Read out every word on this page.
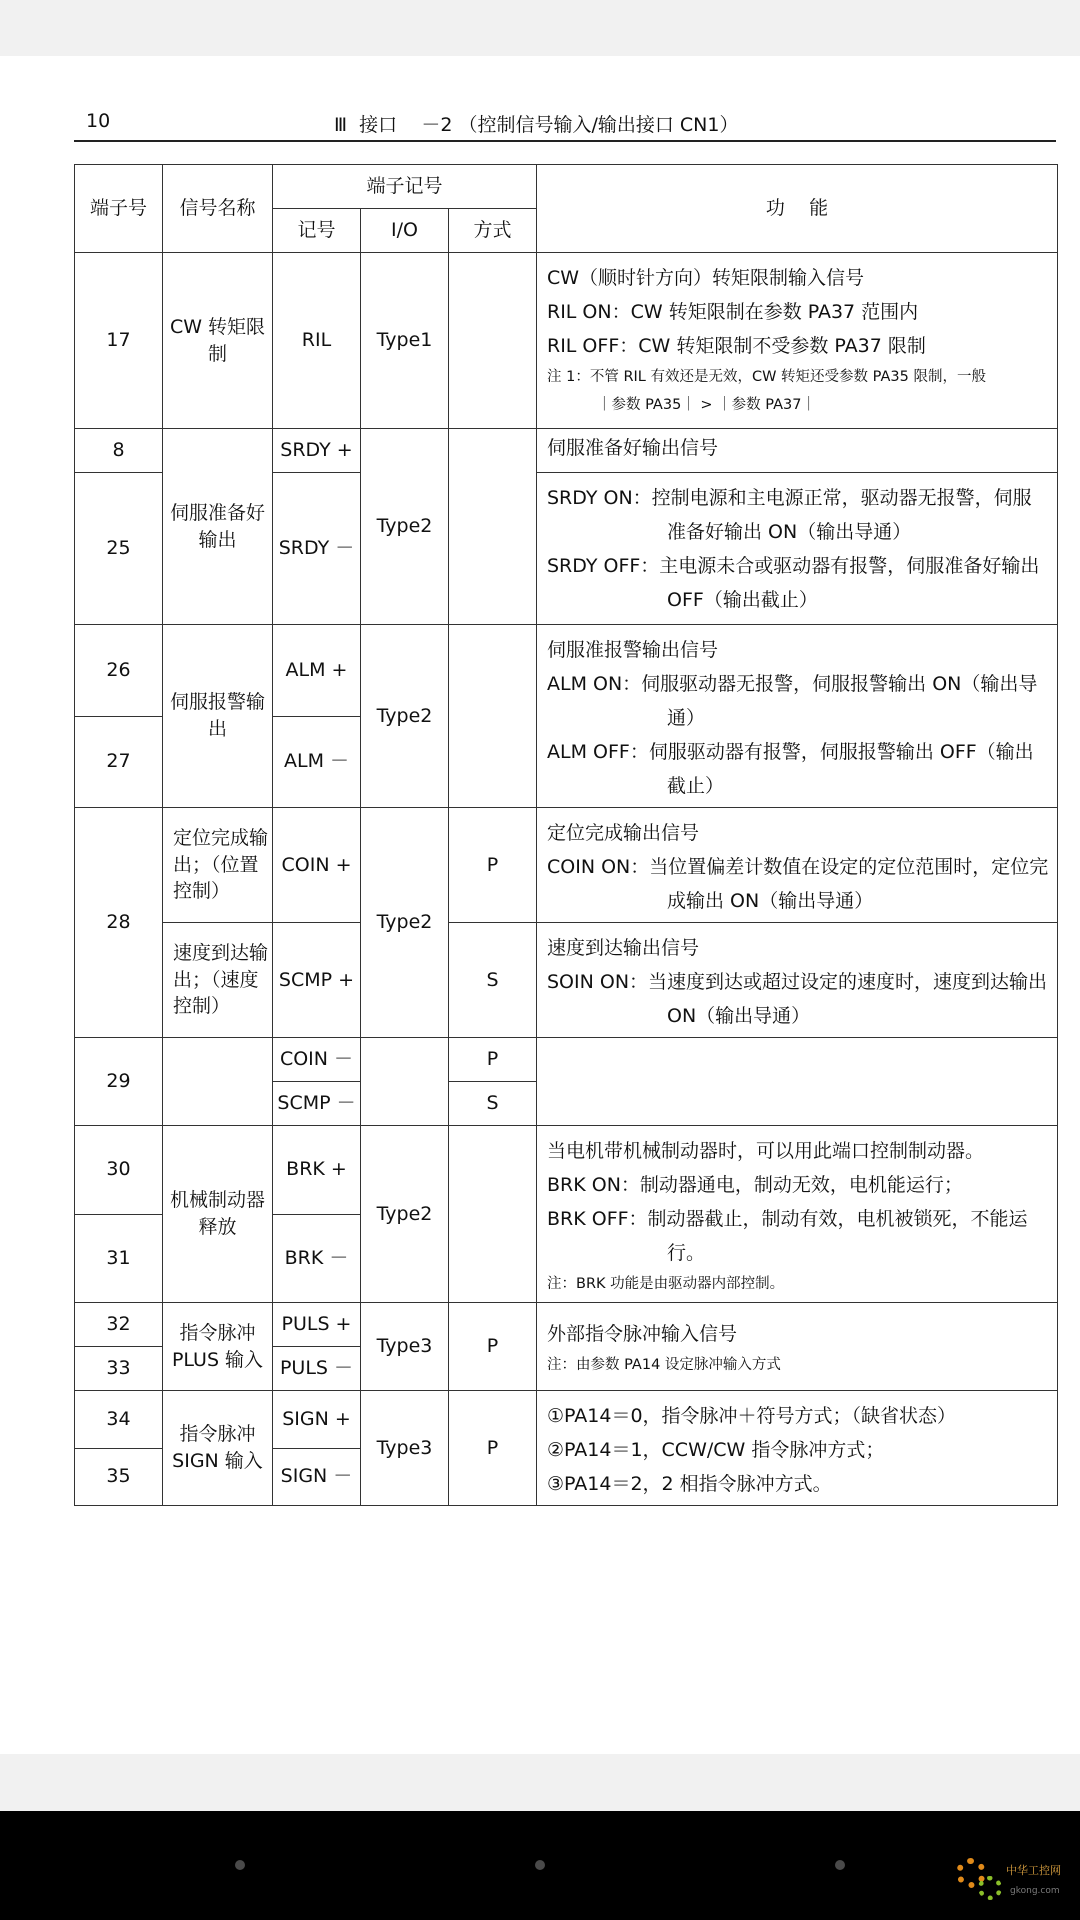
10	Ⅲ  接口    －2 （控制信号输入/输出接口 CN1）
端子号	信号名称	端子记号			功    能
		记号	I/O	方式	
17	CW 转矩限制	RIL	Type1		CW（顺时针方向）转矩限制输入信号
RIL ON：CW 转矩限制在参数 PA37 范围内
RIL OFF：CW 转矩限制不受参数 PA37 限制
注 1：不管 RIL 有效还是无效，CW 转矩还受参数 PA35 限制，一般
｜参数 PA35｜ > ｜参数 PA37｜

8	伺服准备好输出	SRDY +	Type2		伺服准备好输出信号

25		SRDY －			SRDY ON：控制电源和主电源正常，驱动器无报警，伺服准备好输出 ON（输出导通）
SRDY OFF：主电源未合或驱动器有报警，伺服准备好输出 OFF（输出截止）

26	伺服报警输出	ALM +	Type2		伺服准报警输出信号
ALM ON：伺服驱动器无报警，伺服报警输出 ON（输出导通）
ALM OFF：伺服驱动器有报警，伺服报警输出 OFF（输出截止）

27		ALM －			
28	定位完成输出；（位置控制）	COIN +	Type2	P	定位完成输出信号
COIN ON：当位置偏差计数值在设定的定位范围时，定位完成输出 ON（输出导通）

	速度到达输出；（速度控制）	SCMP +		S	速度到达输出信号
SOIN ON：当速度到达或超过设定的速度时，速度到达输出 ON（输出导通）

29		COIN －		P	
		SCMP －		S	
30	机械制动器释放	BRK +	Type2		当电机带机械制动器时，可以用此端口控制制动器。
BRK ON：制动器通电，制动无效，电机能运行；
BRK OFF：制动器截止，制动有效，电机被锁死，不能运行。
注：BRK 功能是由驱动器内部控制。

31		BRK －			
32	指令脉冲PLUS 输入	PULS +	Type3	P	外部指令脉冲输入信号
注：由参数 PA14 设定脉冲输入方式

33		PULS －			
34	指令脉冲SIGN 输入	SIGN +	Type3	P	①PA14＝0，指令脉冲＋符号方式；（缺省状态）
②PA14＝1，CCW/CW 指令脉冲方式；
③PA14＝2，2 相指令脉冲方式。

35		SIGN －			
中华工控网
gkong.com
